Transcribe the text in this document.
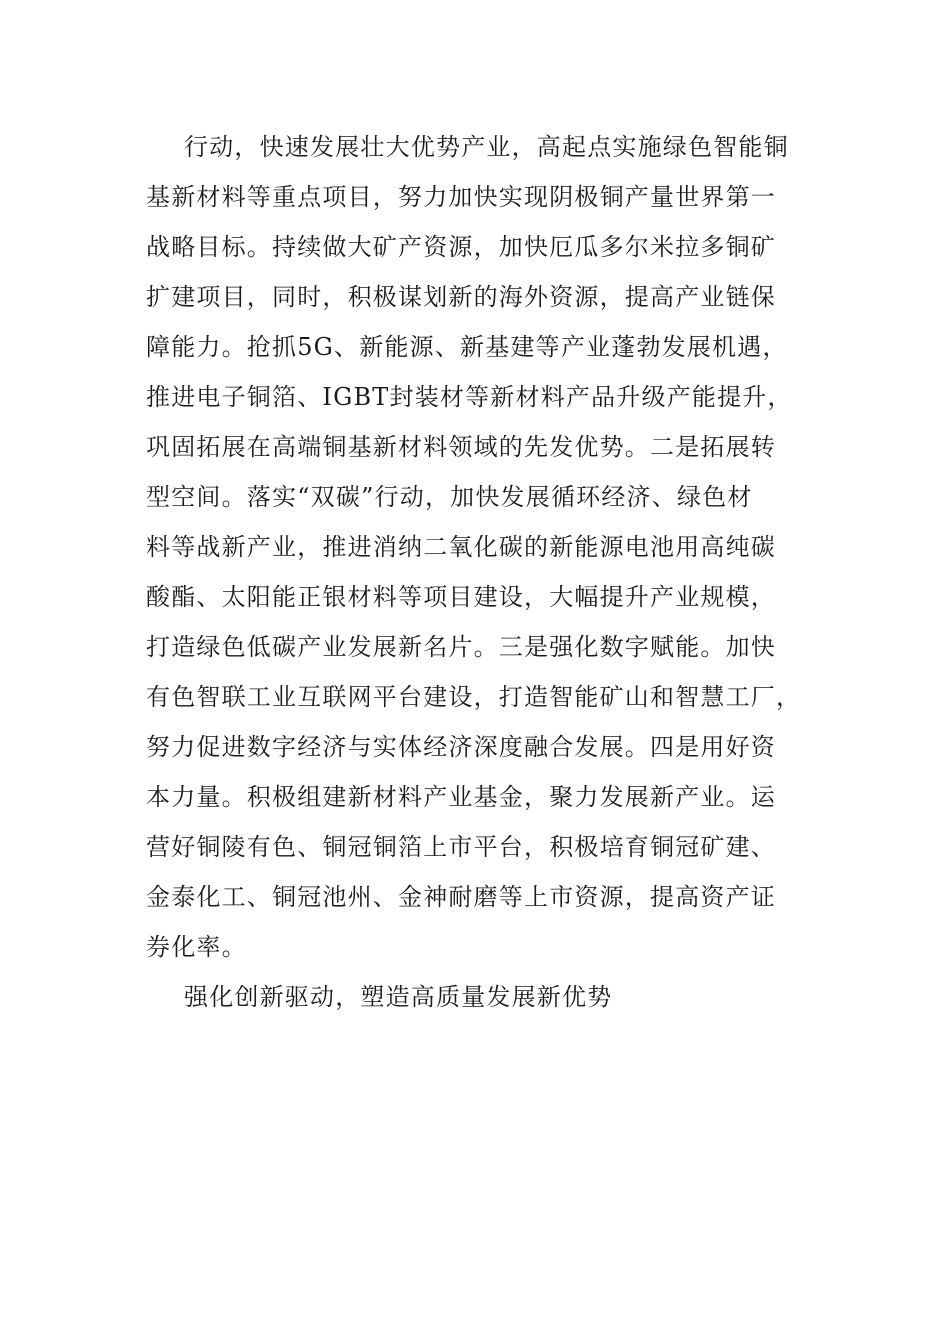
行动，快速发展壮大优势产业，高起点实施绿色智能铜
基新材料等重点项目，努力加快实现阴极铜产量世界第一
战略目标。持续做大矿产资源，加快厄瓜多尔米拉多铜矿
扩建项目，同时，积极谋划新的海外资源，提高产业链保
障能力。抢抓5G、新能源、新基建等产业蓬勃发展机遇，
推进电子铜箔、IGBT封装材等新材料产品升级产能提升，
巩固拓展在高端铜基新材料领域的先发优势。二是拓展转
型空间。落实“双碳”行动，加快发展循环经济、绿色材
料等战新产业，推进消纳二氧化碳的新能源电池用高纯碳
酸酯、太阳能正银材料等项目建设，大幅提升产业规模，
打造绿色低碳产业发展新名片。三是强化数字赋能。加快
有色智联工业互联网平台建设，打造智能矿山和智慧工厂，
努力促进数字经济与实体经济深度融合发展。四是用好资
本力量。积极组建新材料产业基金，聚力发展新产业。运
营好铜陵有色、铜冠铜箔上市平台，积极培育铜冠矿建、
金泰化工、铜冠池州、金神耐磨等上市资源，提高资产证
券化率。
强化创新驱动，塑造高质量发展新优势
